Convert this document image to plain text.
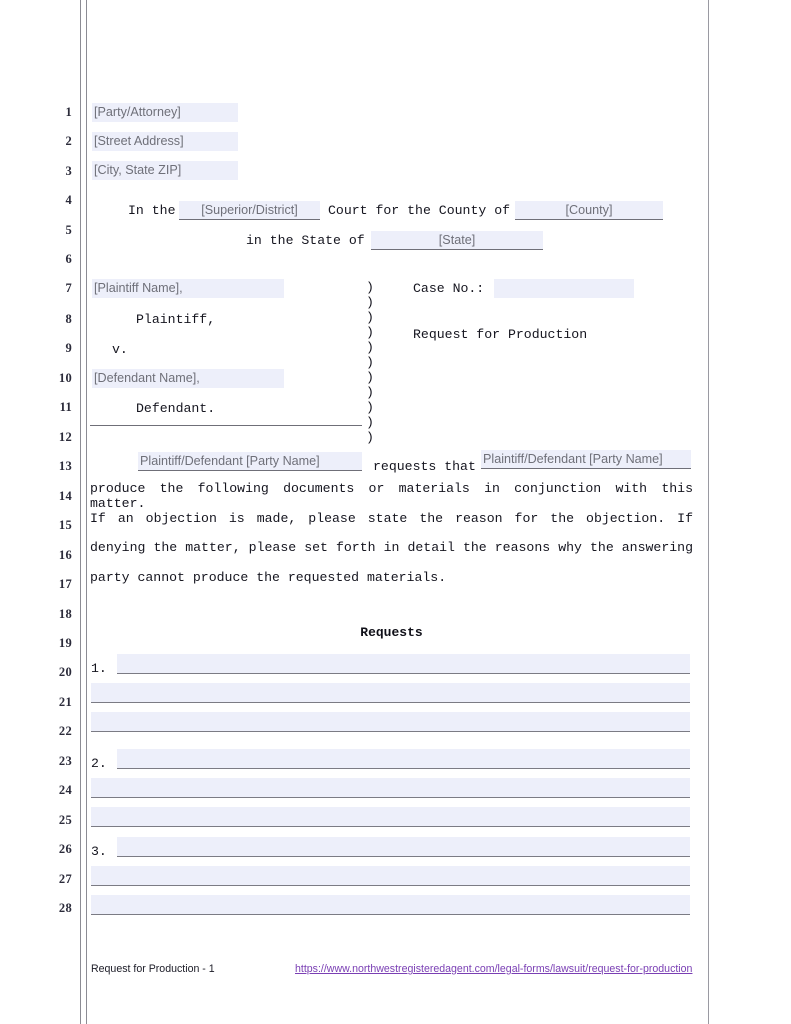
1
2
3
4
5
6
7
8
9
10
11
12
13
14
15
16
17
18
19
20
21
22
23
24
25
26
27
28
[Party/Attorney]
[Street Address]
[City, State ZIP]
In the	[Superior/District]	Court for the County of	[County]
in the State of	[State]
[Plaintiff Name],
Plaintiff,
v.
[Defendant Name],
Defendant.
)
)
)
)
)
)
)
)
)
)
)
Case No.:
Request for Production
Plaintiff/Defendant [Party Name]	requests that Plaintiff/Defendant [Party Name]
produce the following documents or materials in conjunction with this matter.
If an objection is made, please state the reason for the objection. If
denying the matter, please set forth in detail the reasons why the answering
party cannot produce the requested materials.
Requests
1.
2.
3.
Request for Production - 1	https://www.northwestregisteredagent.com/legal-forms/lawsuit/request-for-production
